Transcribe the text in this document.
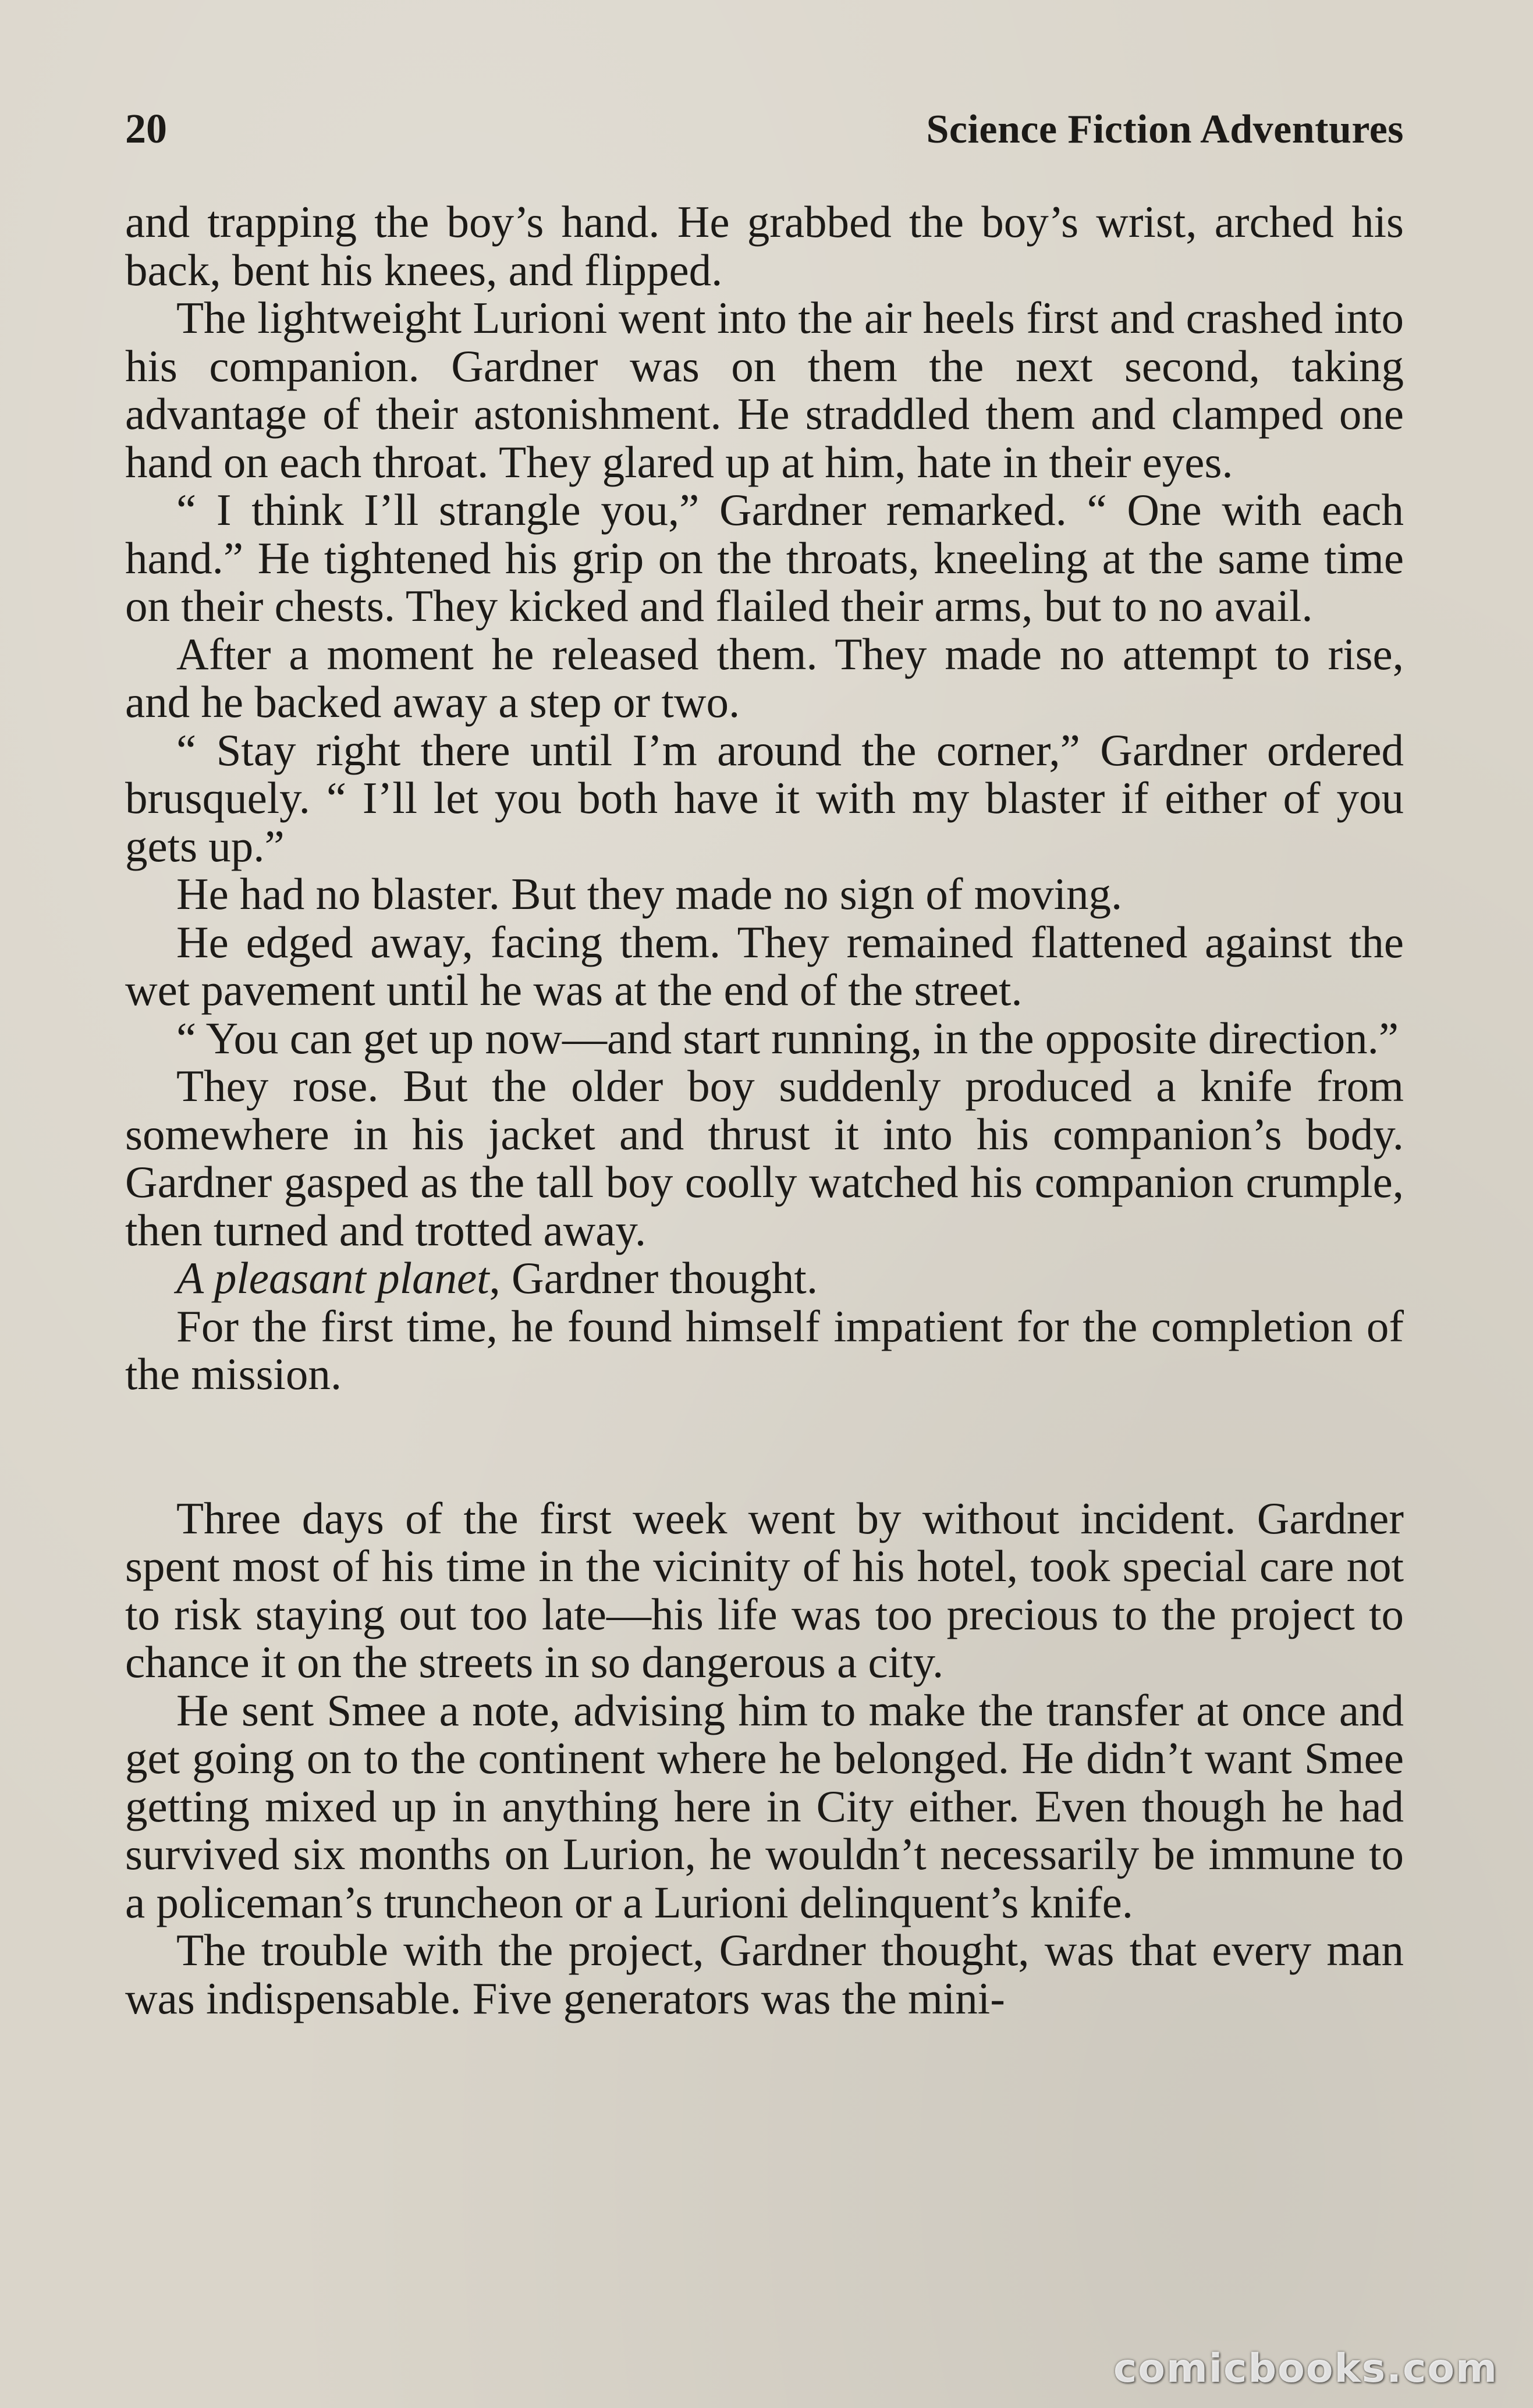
20	Science Fiction Adventures

and trapping the boy’s hand. He grabbed the boy’s wrist, arched his back, bent his knees, and flipped.

The lightweight Lurioni went into the air heels first and crashed into his companion. Gardner was on them the next second, taking advantage of their astonishment. He straddled them and clamped one hand on each throat. They glared up at him, hate in their eyes.

“ I think I’ll strangle you,” Gardner remarked. “ One with each hand.” He tightened his grip on the throats, kneeling at the same time on their chests. They kicked and flailed their arms, but to no avail.

After a moment he released them. They made no attempt to rise, and he backed away a step or two.

“ Stay right there until I’m around the corner,” Gardner ordered brusquely. “ I’ll let you both have it with my blaster if either of you gets up.”

He had no blaster. But they made no sign of moving.

He edged away, facing them. They remained flattened against the wet pavement until he was at the end of the street.

“ You can get up now—and start running, in the opposite direction.”

They rose. But the older boy suddenly produced a knife from somewhere in his jacket and thrust it into his companion’s body. Gardner gasped as the tall boy coolly watched his companion crumple, then turned and trotted away.

A pleasant planet, Gardner thought.

For the first time, he found himself impatient for the completion of the mission.

Three days of the first week went by without incident. Gardner spent most of his time in the vicinity of his hotel, took special care not to risk staying out too late—his life was too precious to the project to chance it on the streets in so dangerous a city.

He sent Smee a note, advising him to make the transfer at once and get going on to the continent where he belonged. He didn’t want Smee getting mixed up in anything here in City either. Even though he had survived six months on Lurion, he wouldn’t necessarily be immune to a policeman’s truncheon or a Lurioni delinquent’s knife.

The trouble with the project, Gardner thought, was that every man was indispensable. Five generators was the mini-

comicbooks.com
